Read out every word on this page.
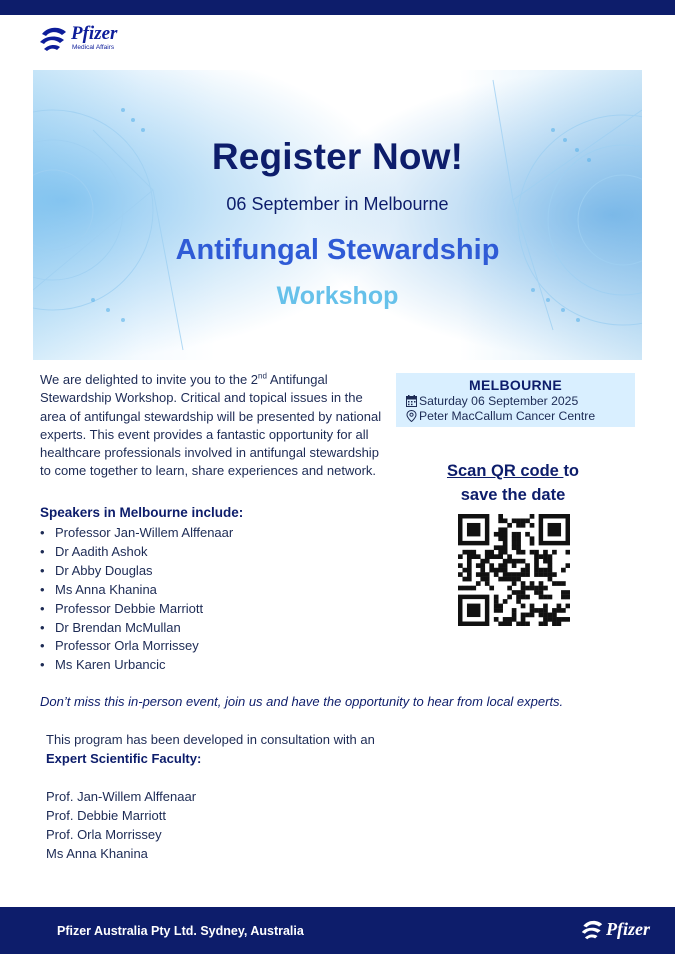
Pfizer
Medical Affairs
Register Now!
06 September in Melbourne
Antifungal Stewardship
Workshop

We are delighted to invite you to the 2nd Antifungal Stewardship Workshop. Critical and topical issues in the area of antifungal stewardship will be presented by national experts. This event provides a fantastic opportunity for all healthcare professionals involved in antifungal stewardship to come together to learn, share experiences and network.

MELBOURNE
Saturday 06 September 2025
Peter MacCallum Cancer Centre
Scan QR code to
save the date
Speakers in Melbourne include:
• Professor Jan-Willem Alffenaar
• Dr Aadith Ashok
• Dr Abby Douglas
• Ms Anna Khanina
• Professor Debbie Marriott
• Dr Brendan McMullan
• Professor Orla Morrissey
• Ms Karen Urbancic
Don’t miss this in-person event, join us and have the opportunity to hear from local experts.
This program has been developed in consultation with an
Expert Scientific Faculty:
Prof. Jan-Willem Alffenaar
Prof. Debbie Marriott
Prof. Orla Morrissey
Ms Anna Khanina
Pfizer Australia Pty Ltd. Sydney, Australia	Pfizer
